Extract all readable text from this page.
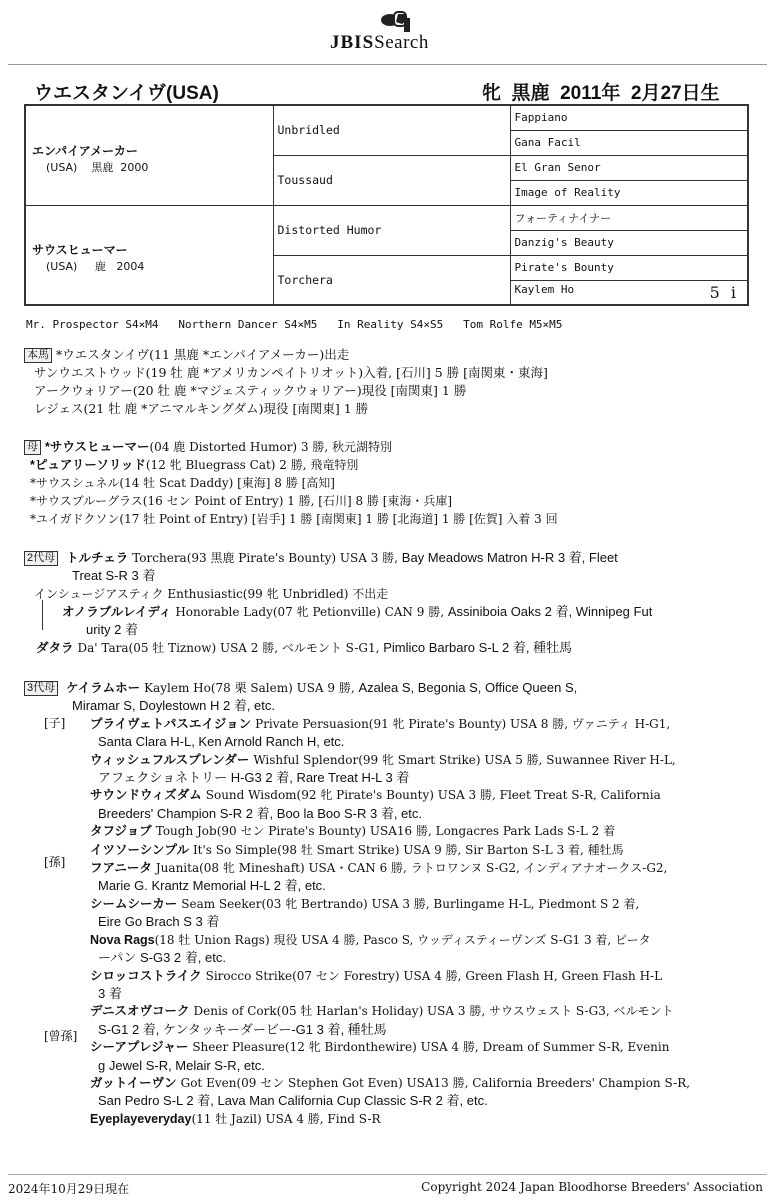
JBISSearch
ウエスタンイヴ(USA)	牝  黒鹿  2011年  2月27日生
エンパイアメーカー
(USA)    黒鹿  2000	Unbridled	Fappiano
		Gana Facil
	Toussaud	El Gran Senor
		Image of Reality

サウスヒューマー
(USA)     鹿   2004	Distorted Humor	フォーティナイナー
		Danzig's Beauty
	Torchera	Pirate's Bounty
		Kaylem Ho 5 i
Mr. Prospector S4×M4   Northern Dancer S4×M5   In Reality S4×S5   Tom Rolfe M5×M5
本馬 *ウエスタンイヴ(11 黒鹿 *エンパイアメーカー)出走
サンウエストウッド(19 牡 鹿 *アメリカンペイトリオット)入着, [石川] 5 勝 [南関東・東海]
アークウォリアー(20 牡 鹿 *マジェスティックウォリアー)現役 [南関東] 1 勝
レジェス(21 牡 鹿 *アニマルキングダム)現役 [南関東] 1 勝
母 *サウスヒューマー(04 鹿 Distorted Humor) 3 勝, 秋元湖特別
*ピュアリーソリッド(12 牝 Bluegrass Cat) 2 勝, 飛竜特別
*サウスシュネル(14 牡 Scat Daddy) [東海] 8 勝 [高知]
*サウスブルーグラス(16 セン Point of Entry) 1 勝, [石川] 8 勝 [東海・兵庫]
*ユイガドクソン(17 牡 Point of Entry) [岩手] 1 勝 [南関東] 1 勝 [北海道] 1 勝 [佐賀] 入着 3 回
2代母 トルチェラ Torchera(93 黒鹿 Pirate's Bounty) USA 3 勝, Bay Meadows Matron H-R 3 着, Fleet
Treat S-R 3 着
インシュージアスティク Enthusiastic(99 牝 Unbridled) 不出走
オノラブルレイディ Honorable Lady(07 牝 Petionville) CAN 9 勝, Assiniboia Oaks 2 着, Winnipeg Fut
urity 2 着
ダタラ Da' Tara(05 牡 Tiznow) USA 2 勝, ベルモント S-G1, Pimlico Barbaro S-L 2 着, 種牡馬
3代母 ケイラムホー Kaylem Ho(78 栗 Salem) USA 9 勝, Azalea S, Begonia S, Office Queen S,
Miramar S, Doylestown H 2 着, etc.
[子]
[孫]
[曾孫]
プライヴェトパスエイジョン Private Persuasion(91 牝 Pirate's Bounty) USA 8 勝, ヴァニティ H-G1,
Santa Clara H-L, Ken Arnold Ranch H, etc.
ウィッシュフルスプレンダー Wishful Splendor(99 牝 Smart Strike) USA 5 勝, Suwannee River H-L,
アフェクショネトリー H-G3 2 着, Rare Treat H-L 3 着
サウンドウィズダム Sound Wisdom(92 牝 Pirate's Bounty) USA 3 勝, Fleet Treat S-R, California
Breeders' Champion S-R 2 着, Boo la Boo S-R 3 着, etc.
タフジョブ Tough Job(90 セン Pirate's Bounty) USA16 勝, Longacres Park Lads S-L 2 着
イツソーシンプル It's So Simple(98 牡 Smart Strike) USA 9 勝, Sir Barton S-L 3 着, 種牡馬
フアニータ Juanita(08 牝 Mineshaft) USA・CAN 6 勝, ラトロワンヌ S-G2, インディアナオークス-G2,
Marie G. Krantz Memorial H-L 2 着, etc.
シームシーカー Seam Seeker(03 牝 Bertrando) USA 3 勝, Burlingame H-L, Piedmont S 2 着,
Eire Go Brach S 3 着
Nova Rags(18 牡 Union Rags) 現役 USA 4 勝, Pasco S, ウッディスティーヴンズ S-G1 3 着, ピータ
ーパン S-G3 2 着, etc.
シロッコストライク Sirocco Strike(07 セン Forestry) USA 4 勝, Green Flash H, Green Flash H-L
3 着
デニスオヴコーク Denis of Cork(05 牡 Harlan's Holiday) USA 3 勝, サウスウェスト S-G3, ベルモント
S-G1 2 着, ケンタッキーダービー-G1 3 着, 種牡馬
シーアプレジャー Sheer Pleasure(12 牝 Birdonthewire) USA 4 勝, Dream of Summer S-R, Evenin
g Jewel S-R, Melair S-R, etc.
ガットイーヴン Got Even(09 セン Stephen Got Even) USA13 勝, California Breeders' Champion S-R,
San Pedro S-L 2 着, Lava Man California Cup Classic S-R 2 着, etc.
Eyeplayeveryday(11 牡 Jazil) USA 4 勝, Find S-R
2024年10月29日現在	Copyright 2024 Japan Bloodhorse Breeders' Association
